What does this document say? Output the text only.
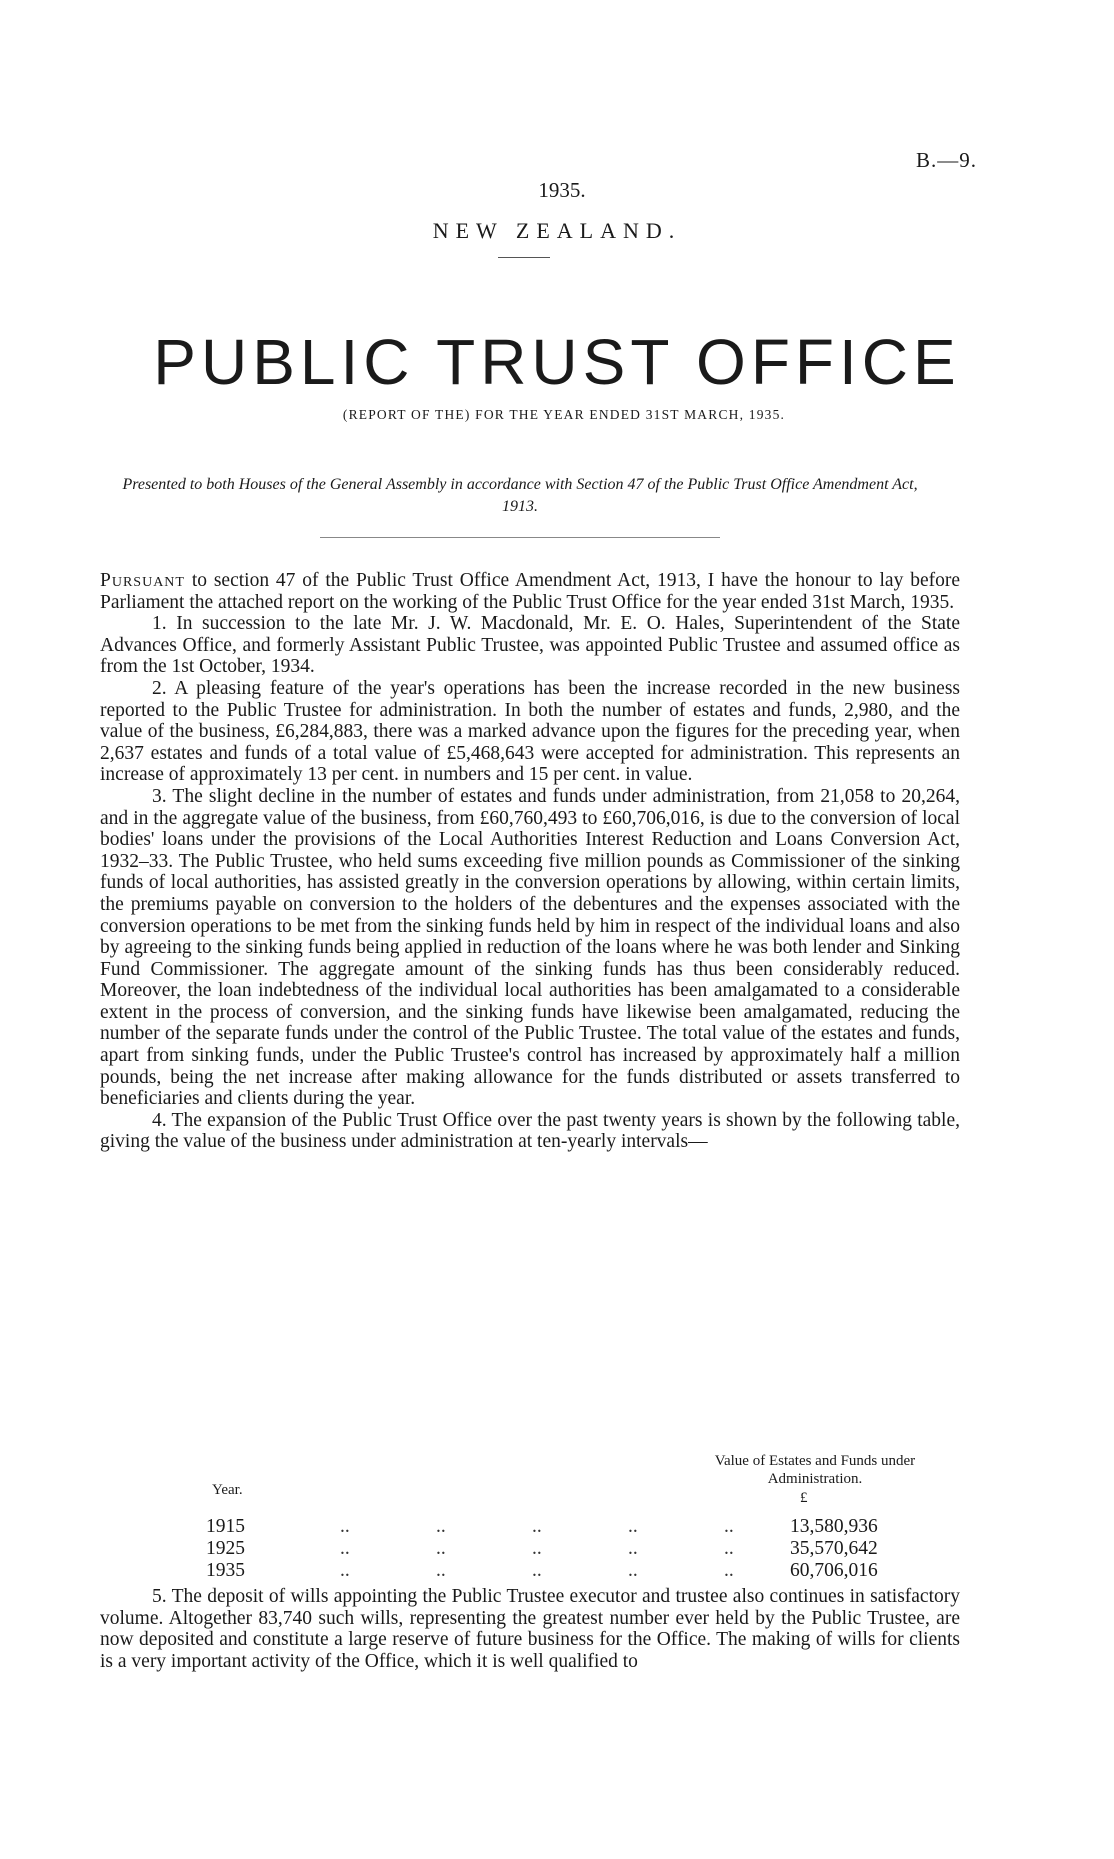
B.—9.
1935.
NEW ZEALAND.
PUBLIC TRUST OFFICE
(REPORT OF THE) FOR THE YEAR ENDED 31ST MARCH, 1935.
Presented to both Houses of the General Assembly in accordance with Section 47 of the Public Trust Office Amendment Act, 1913.

Pursuant to section 47 of the Public Trust Office Amendment Act, 1913, I have the honour to lay before Parliament the attached report on the working of the Public Trust Office for the year ended 31st March, 1935.

1. In succession to the late Mr. J. W. Macdonald, Mr. E. O. Hales, Superintendent of the State Advances Office, and formerly Assistant Public Trustee, was appointed Public Trustee and assumed office as from the 1st October, 1934.

2. A pleasing feature of the year's operations has been the increase recorded in the new business reported to the Public Trustee for administration. In both the number of estates and funds, 2,980, and the value of the business, £6,284,883, there was a marked advance upon the figures for the preceding year, when 2,637 estates and funds of a total value of £5,468,643 were accepted for administration. This represents an increase of approximately 13 per cent. in numbers and 15 per cent. in value.

3. The slight decline in the number of estates and funds under administration, from 21,058 to 20,264, and in the aggregate value of the business, from £60,760,493 to £60,706,016, is due to the conversion of local bodies' loans under the provisions of the Local Authorities Interest Reduction and Loans Conversion Act, 1932–33. The Public Trustee, who held sums exceeding five million pounds as Commissioner of the sinking funds of local authorities, has assisted greatly in the conversion operations by allowing, within certain limits, the premiums payable on conversion to the holders of the debentures and the expenses associated with the conversion operations to be met from the sinking funds held by him in respect of the individual loans and also by agreeing to the sinking funds being applied in reduction of the loans where he was both lender and Sinking Fund Commissioner. The aggregate amount of the sinking funds has thus been considerably reduced. Moreover, the loan indebtedness of the individual local authorities has been amalgamated to a considerable extent in the process of conversion, and the sinking funds have likewise been amalgamated, reducing the number of the separate funds under the control of the Public Trustee. The total value of the estates and funds, apart from sinking funds, under the Public Trustee's control has increased by approximately half a million pounds, being the net increase after making allowance for the funds distributed or assets transferred to beneficiaries and clients during the year.

4. The expansion of the Public Trust Office over the past twenty years is shown by the following table, giving the value of the business under administration at ten-yearly intervals—

Value of Estates and Funds under Administration.
Year.	£
1915	..	..	..	..	..	13,580,936
1925	..	..	..	..	..	35,570,642
1935	..	..	..	..	..	60,706,016

5. The deposit of wills appointing the Public Trustee executor and trustee also continues in satisfactory volume. Altogether 83,740 such wills, representing the greatest number ever held by the Public Trustee, are now deposited and constitute a large reserve of future business for the Office. The making of wills for clients is a very important activity of the Office, which it is well qualified to
